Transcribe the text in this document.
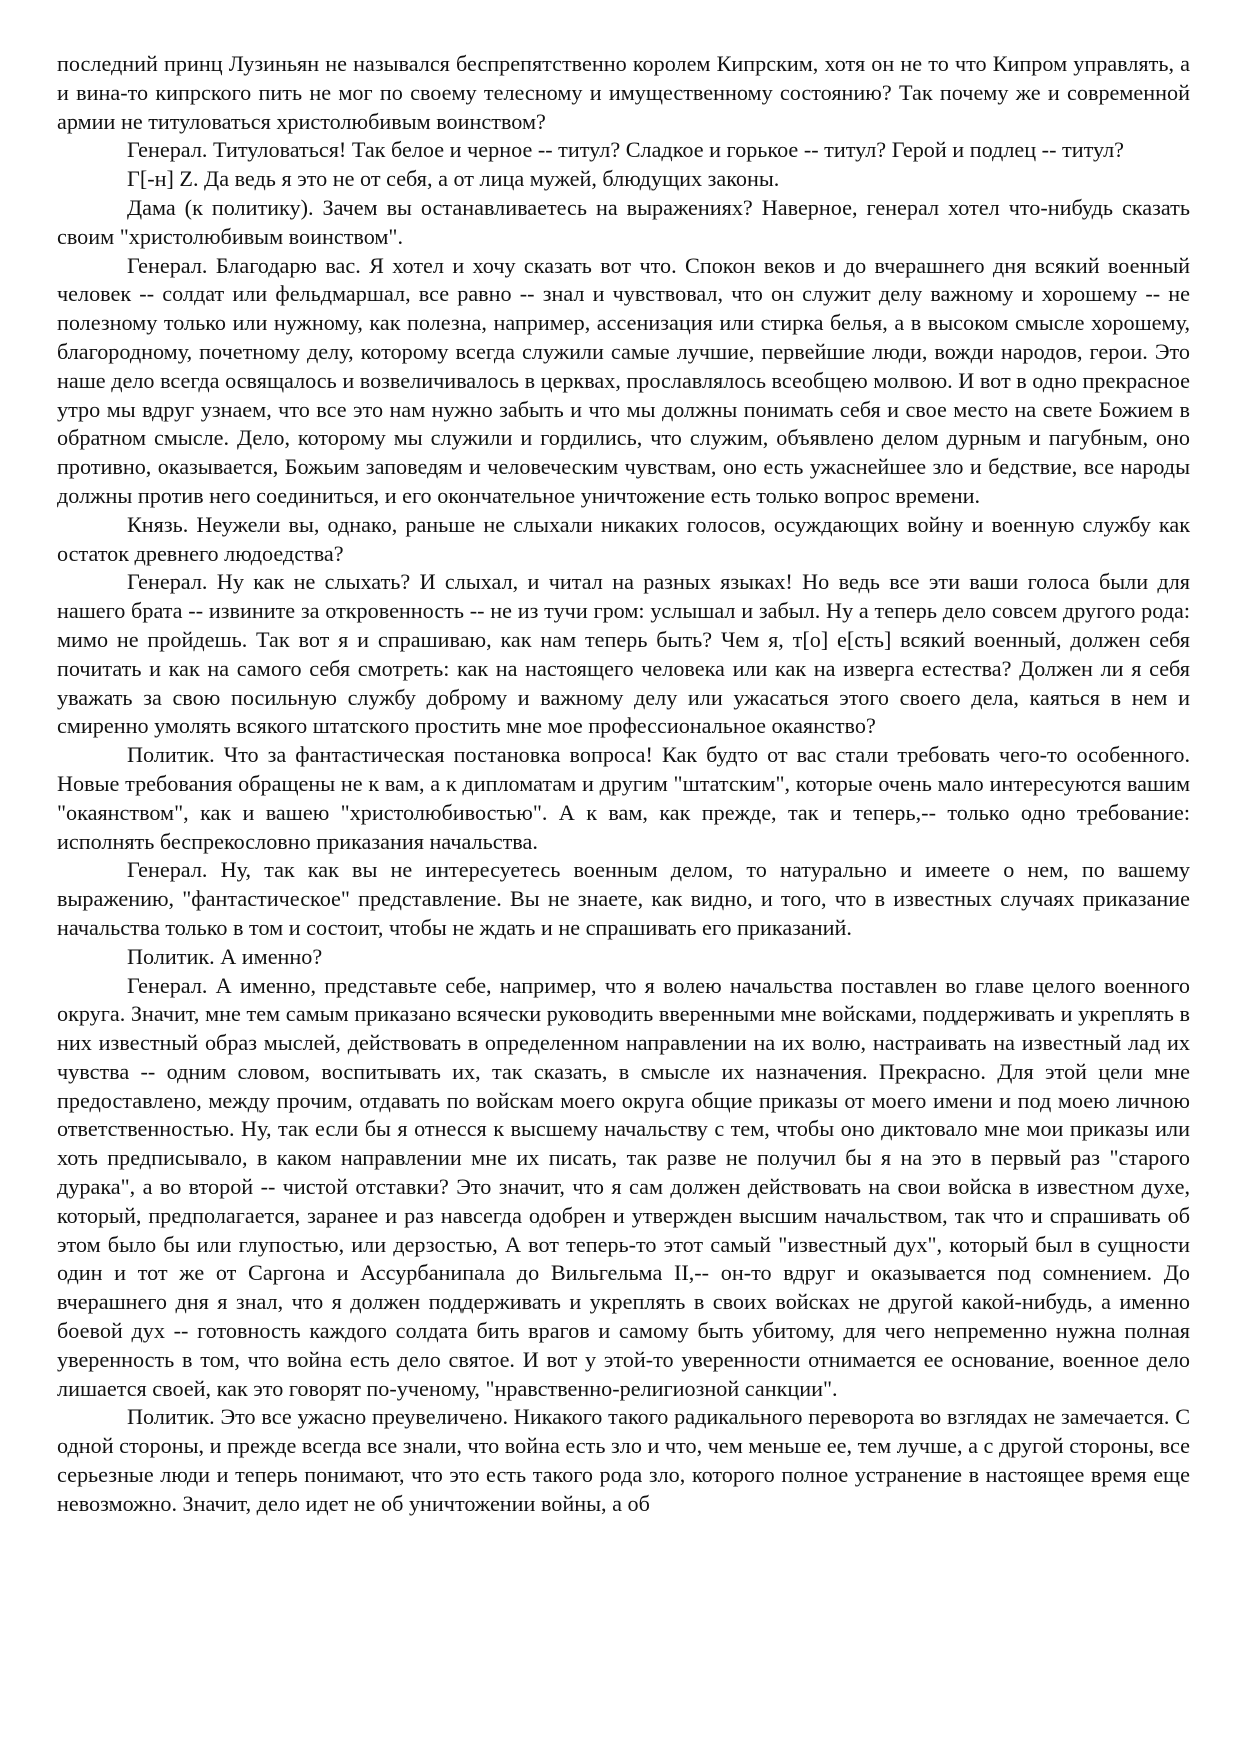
последний принц Лузиньян не назывался беспрепятственно королем Кипрским, хотя он не то что Кипром управлять, а и вина-то кипрского пить не мог по своему телесному и имущественному состоянию? Так почему же и современной армии не титуловаться христолюбивым воинством?

Генерал. Титуловаться! Так белое и черное -- титул? Сладкое и горькое -- титул? Герой и подлец -- титул?

Г[-н] Z. Да ведь я это не от себя, а от лица мужей, блюдущих законы.

Дама (к политику). Зачем вы останавливаетесь на выражениях? Наверное, генерал хотел что-нибудь сказать своим "христолюбивым воинством".

Генерал. Благодарю вас. Я хотел и хочу сказать вот что. Спокон веков и до вчерашнего дня всякий военный человек -- солдат или фельдмаршал, все равно -- знал и чувствовал, что он служит делу важному и хорошему -- не полезному только или нужному, как полезна, например, ассенизация или стирка белья, а в высоком смысле хорошему, благородному, почетному делу, которому всегда служили самые лучшие, первейшие люди, вожди народов, герои. Это наше дело всегда освящалось и возвеличивалось в церквах, прославлялось всеобщею молвою. И вот в одно прекрасное утро мы вдруг узнаем, что все это нам нужно забыть и что мы должны понимать себя и свое место на свете Божием в обратном смысле. Дело, которому мы служили и гордились, что служим, объявлено делом дурным и пагубным, оно противно, оказывается, Божьим заповедям и человеческим чувствам, оно есть ужаснейшее зло и бедствие, все народы должны против него соединиться, и его окончательное уничтожение есть только вопрос времени.

Князь. Неужели вы, однако, раньше не слыхали никаких голосов, осуждающих войну и военную службу как остаток древнего людоедства?

Генерал. Ну как не слыхать? И слыхал, и читал на разных языках! Но ведь все эти ваши голоса были для нашего брата -- извините за откровенность -- не из тучи гром: услышал и забыл. Ну а теперь дело совсем другого рода: мимо не пройдешь. Так вот я и спрашиваю, как нам теперь быть? Чем я, т[о] е[сть] всякий военный, должен себя почитать и как на самого себя смотреть: как на настоящего человека или как на изверга естества? Должен ли я себя уважать за свою посильную службу доброму и важному делу или ужасаться этого своего дела, каяться в нем и смиренно умолять всякого штатского простить мне мое профессиональное окаянство?

Политик. Что за фантастическая постановка вопроса! Как будто от вас стали требовать чего-то особенного. Новые требования обращены не к вам, а к дипломатам и другим "штатским", которые очень мало интересуются вашим "окаянством", как и вашею "христолюбивостью". А к вам, как прежде, так и теперь,-- только одно требование: исполнять беспрекословно приказания начальства.

Генерал. Ну, так как вы не интересуетесь военным делом, то натурально и имеете о нем, по вашему выражению, "фантастическое" представление. Вы не знаете, как видно, и того, что в известных случаях приказание начальства только в том и состоит, чтобы не ждать и не спрашивать его приказаний.

Политик. А именно?

Генерал. А именно, представьте себе, например, что я волею начальства поставлен во главе целого военного округа. Значит, мне тем самым приказано всячески руководить вверенными мне войсками, поддерживать и укреплять в них известный образ мыслей, действовать в определенном направлении на их волю, настраивать на известный лад их чувства -- одним словом, воспитывать их, так сказать, в смысле их назначения. Прекрасно. Для этой цели мне предоставлено, между прочим, отдавать по войскам моего округа общие приказы от моего имени и под моею личною ответственностью. Ну, так если бы я отнесся к высшему начальству с тем, чтобы оно диктовало мне мои приказы или хоть предписывало, в каком направлении мне их писать, так разве не получил бы я на это в первый раз "старого дурака", а во второй -- чистой отставки? Это значит, что я сам должен действовать на свои войска в известном духе, который, предполагается, заранее и раз навсегда одобрен и утвержден высшим начальством, так что и спрашивать об этом было бы или глупостью, или дерзостью, А вот теперь-то этот самый "известный дух", который был в сущности один и тот же от Саргона и Ассурбанипала до Вильгельма II,-- он-то вдруг и оказывается под сомнением. До вчерашнего дня я знал, что я должен поддерживать и укреплять в своих войсках не другой какой-нибудь, а именно боевой дух -- готовность каждого солдата бить врагов и самому быть убитому, для чего непременно нужна полная уверенность в том, что война есть дело святое. И вот у этой-то уверенности отнимается ее основание, военное дело лишается своей, как это говорят по-ученому, "нравственно-религиозной санкции".

Политик. Это все ужасно преувеличено. Никакого такого радикального переворота во взглядах не замечается. С одной стороны, и прежде всегда все знали, что война есть зло и что, чем меньше ее, тем лучше, а с другой стороны, все серьезные люди и теперь понимают, что это есть такого рода зло, которого полное устранение в настоящее время еще невозможно. Значит, дело идет не об уничтожении войны, а об
